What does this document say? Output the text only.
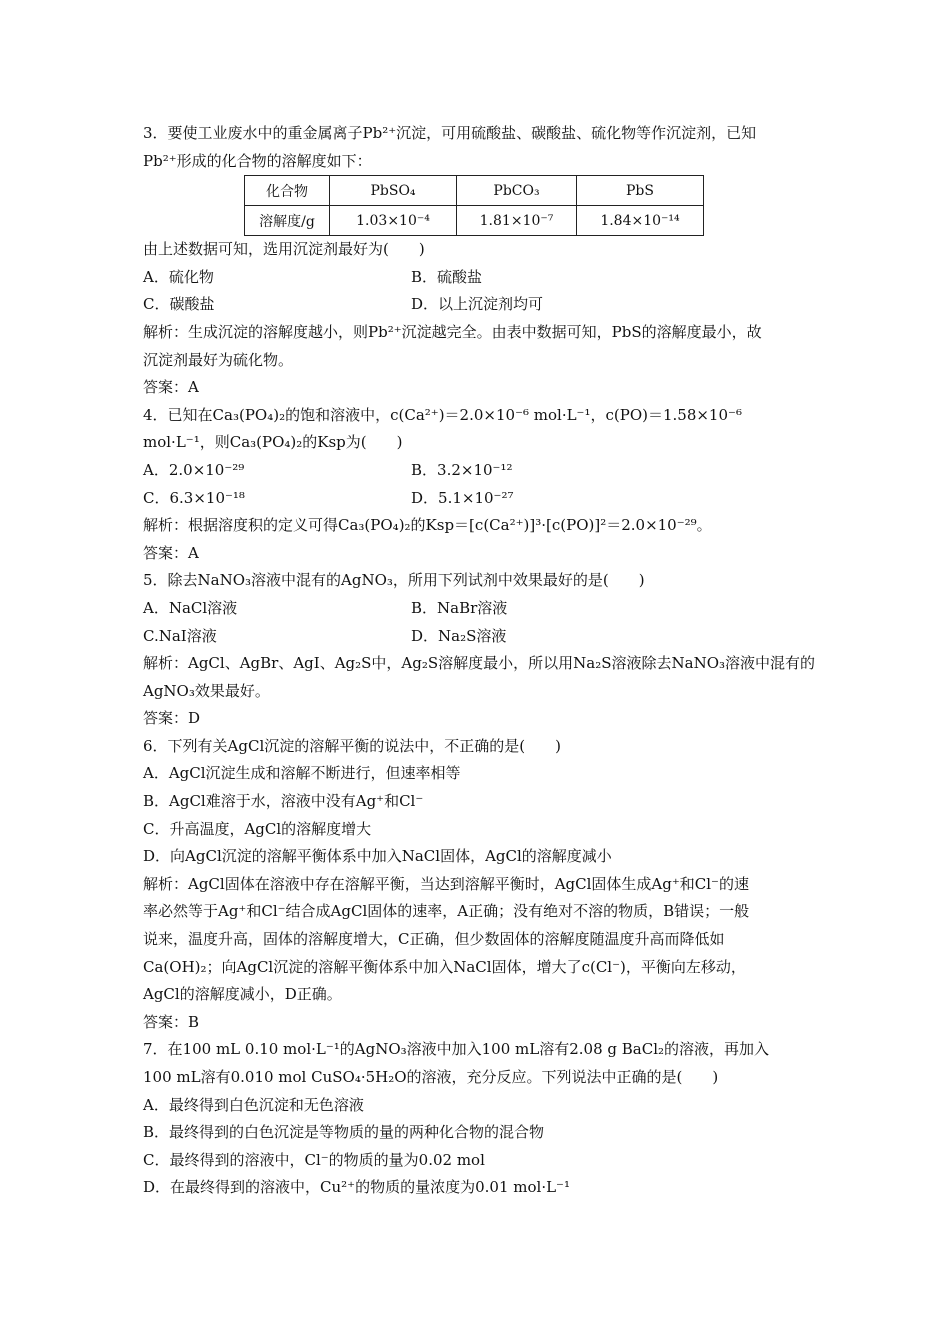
3．要使工业废水中的重金属离子Pb²⁺沉淀，可用硫酸盐、碳酸盐、硫化物等作沉淀剂，已知
Pb²⁺形成的化合物的溶解度如下：
化合物	PbSO₄	PbCO₃	PbS
溶解度/g	1.03×10⁻⁴	1.81×10⁻⁷	1.84×10⁻¹⁴
由上述数据可知，选用沉淀剂最好为(　　)
A．硫化物	B．硫酸盐
C．碳酸盐	D．以上沉淀剂均可
解析：生成沉淀的溶解度越小，则Pb²⁺沉淀越完全。由表中数据可知，PbS的溶解度最小，故
沉淀剂最好为硫化物。
答案：A
4．已知在Ca₃(PO₄)₂的饱和溶液中，c(Ca²⁺)＝2.0×10⁻⁶ mol·L⁻¹，c(PO)＝1.58×10⁻⁶
mol·L⁻¹，则Ca₃(PO₄)₂的Ksp为(　　)
A．2.0×10⁻²⁹	B．3.2×10⁻¹²
C．6.3×10⁻¹⁸	D．5.1×10⁻²⁷
解析：根据溶度积的定义可得Ca₃(PO₄)₂的Ksp＝[c(Ca²⁺)]³·[c(PO)]²＝2.0×10⁻²⁹。
答案：A
5．除去NaNO₃溶液中混有的AgNO₃，所用下列试剂中效果最好的是(　　)
A．NaCl溶液	B．NaBr溶液
C.NaI溶液	D．Na₂S溶液
解析：AgCl、AgBr、AgI、Ag₂S中，Ag₂S溶解度最小，所以用Na₂S溶液除去NaNO₃溶液中混有的
AgNO₃效果最好。
答案：D
6．下列有关AgCl沉淀的溶解平衡的说法中，不正确的是(　　)
A．AgCl沉淀生成和溶解不断进行，但速率相等
B．AgCl难溶于水，溶液中没有Ag⁺和Cl⁻
C．升高温度，AgCl的溶解度增大
D．向AgCl沉淀的溶解平衡体系中加入NaCl固体，AgCl的溶解度减小
解析：AgCl固体在溶液中存在溶解平衡，当达到溶解平衡时，AgCl固体生成Ag⁺和Cl⁻的速
率必然等于Ag⁺和Cl⁻结合成AgCl固体的速率，A正确；没有绝对不溶的物质，B错误；一般
说来，温度升高，固体的溶解度增大，C正确，但少数固体的溶解度随温度升高而降低如
Ca(OH)₂；向AgCl沉淀的溶解平衡体系中加入NaCl固体，增大了c(Cl⁻)，平衡向左移动，
AgCl的溶解度减小，D正确。
答案：B
7．在100 mL 0.10 mol·L⁻¹的AgNO₃溶液中加入100 mL溶有2.08 g BaCl₂的溶液，再加入
100 mL溶有0.010 mol CuSO₄·5H₂O的溶液，充分反应。下列说法中正确的是(　　)
A．最终得到白色沉淀和无色溶液
B．最终得到的白色沉淀是等物质的量的两种化合物的混合物
C．最终得到的溶液中，Cl⁻的物质的量为0.02 mol
D．在最终得到的溶液中，Cu²⁺的物质的量浓度为0.01 mol·L⁻¹
